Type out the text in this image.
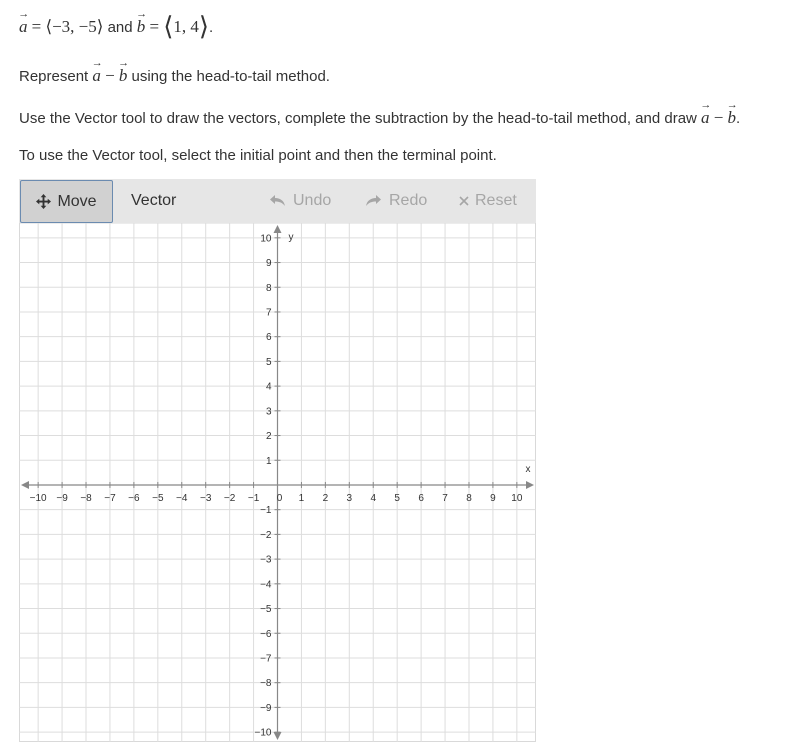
→ a = ⟨−3, −5⟩ and → b = ⟨1, 4⟩.
Represent → a − → b using the head-to-tail method.
Use the Vector tool to draw the vectors, complete the subtraction by the head-to-tail method, and draw → a − → b.
To use the Vector tool, select the initial point and then the terminal point.
Move Vector	Undo	Redo	Reset
−10
−10
−9
−9
−8
−8
−7
−7
−6
−6
−5
−5
−4
−4
−3
−3
−2
−2
−1
−1
0 1
1
2
2
3
3
4
4
5
5
6
6
7
7
8
8
9
9
10
10
x
y
